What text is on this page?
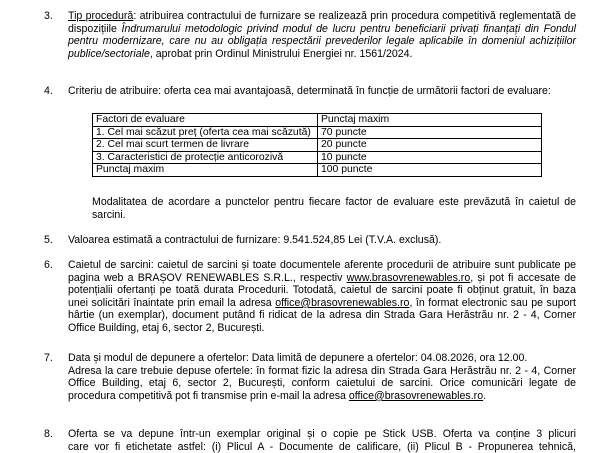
3. Tip procedură: atribuirea contractului de furnizare se realizează prin procedura competitivă reglementată de dispozițiile Îndrumarului metodologic privind modul de lucru pentru beneficiarii privați finanțați din Fondul pentru modernizare, care nu au obligația respectării prevederilor legale aplicabile în domeniul achizițiilor publice/sectoriale, aprobat prin Ordinul Ministrului Energiei nr. 1561/2024.
4. Criteriu de atribuire: oferta cea mai avantajoasă, determinată în funcție de următorii factori de evaluare:
Factori de evaluare	Punctaj maxim
1. Cel mai scăzut preț (oferta cea mai scăzută)	70 puncte
2. Cel mai scurt termen de livrare	20 puncte
3. Caracteristici de protecție anticorozivă	10 puncte
Punctaj maxim	100 puncte
Modalitatea de acordare a punctelor pentru fiecare factor de evaluare este prevăzută în caietul de sarcini.
5. Valoarea estimată a contractului de furnizare: 9.541.524,85 Lei (T.V.A. exclusă).
6. Caietul de sarcini: caietul de sarcini și toate documentele aferente procedurii de atribuire sunt publicate pe pagina web a BRAȘOV RENEWABLES S.R.L., respectiv www.brasovrenewables.ro, și pot fi accesate de potențialii ofertanți pe toată durata Procedurii. Totodată, caietul de sarcini poate fi obținut gratuit, în baza unei solicitări înaintate prin email la adresa office@brasovrenewables.ro, în format electronic sau pe suport hârtie (un exemplar), document putând fi ridicat de la adresa din Strada Gara Herăstrău nr. 2 - 4, Corner Office Building, etaj 6, sector 2, București.
7. Data și modul de depunere a ofertelor: Data limită de depunere a ofertelor: 04.08.2026, ora 12.00.
Adresa la care trebuie depuse ofertele: în format fizic la adresa din Strada Gara Herăstrău nr. 2 - 4, Corner Office Building, etaj 6, sector 2, București, conform caietului de sarcini. Orice comunicări legate de procedura competitivă pot fi transmise prin e-mail la adresa office@brasovrenewables.ro.
8. Oferta se va depune într-un exemplar original și o copie pe Stick USB. Oferta va conține 3 plicuri
care vor fi etichetate astfel: (i) Plicul A - Documente de calificare, (ii) Plicul B - Propunerea tehnică,
